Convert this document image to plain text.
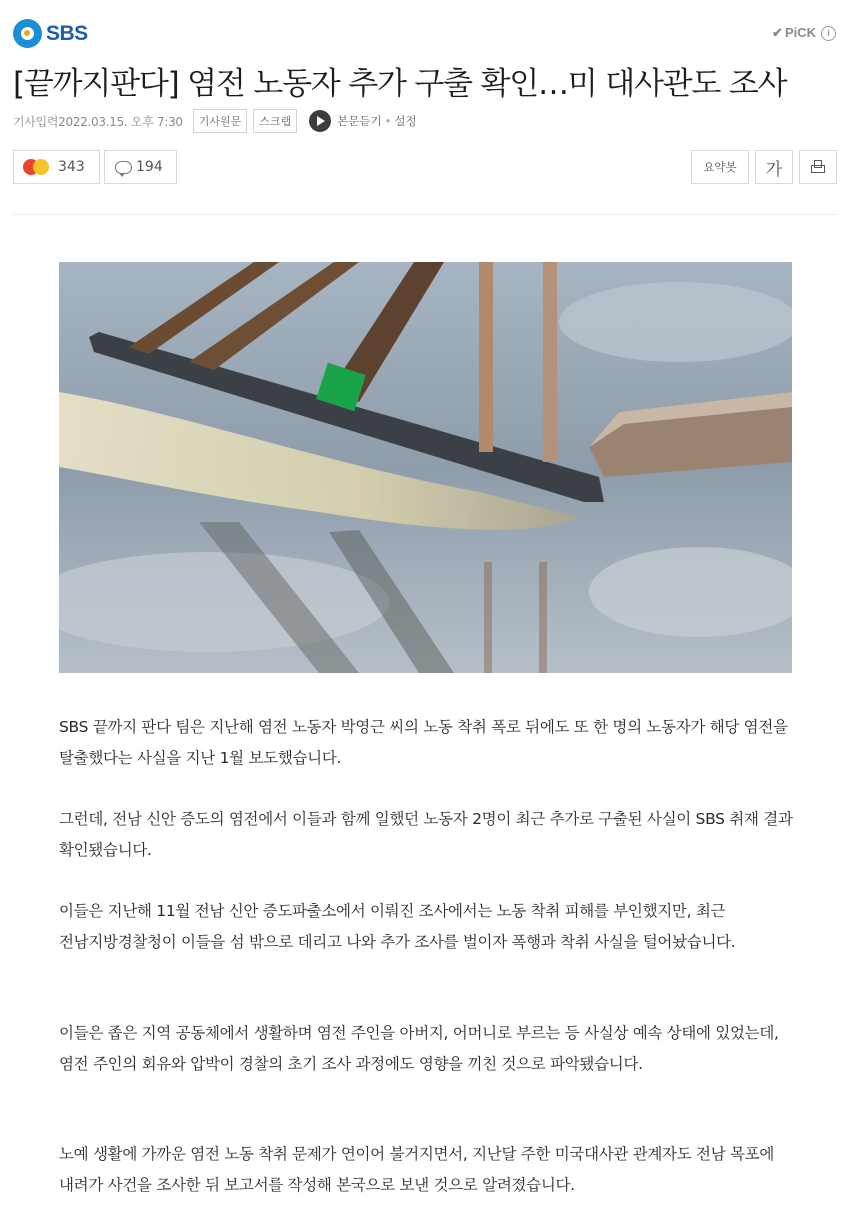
SBS	✔ PiCK i
[끝까지판다] 염전 노동자 추가 구출 확인…미 대사관도 조사
기사입력2022.03.15. 오후 7:30	기사원문	스크랩	본문듣기 • 설정
343	194	요약봇	가

SBS 끝까지 판다 팀은 지난해 염전 노동자 박영근 씨의 노동 착취 폭로 뒤에도 또 한 명의 노동자가 해당 염전을 탈출했다는 사실을 지난 1월 보도했습니다.

그런데, 전남 신안 증도의 염전에서 이들과 함께 일했던 노동자 2명이 최근 추가로 구출된 사실이 SBS 취재 결과 확인됐습니다.

이들은 지난해 11월 전남 신안 증도파출소에서 이뤄진 조사에서는 노동 착취 피해를 부인했지만, 최근 전남지방경찰청이 이들을 섬 밖으로 데리고 나와 추가 조사를 벌이자 폭행과 착취 사실을 털어놨습니다.

이들은 좁은 지역 공동체에서 생활하며 염전 주인을 아버지, 어머니로 부르는 등 사실상 예속 상태에 있었는데, 염전 주인의 회유와 압박이 경찰의 초기 조사 과정에도 영향을 끼친 것으로 파악됐습니다.

노예 생활에 가까운 염전 노동 착취 문제가 연이어 불거지면서, 지난달 주한 미국대사관 관계자도 전남 목포에 내려가 사건을 조사한 뒤 보고서를 작성해 본국으로 보낸 것으로 알려졌습니다.
